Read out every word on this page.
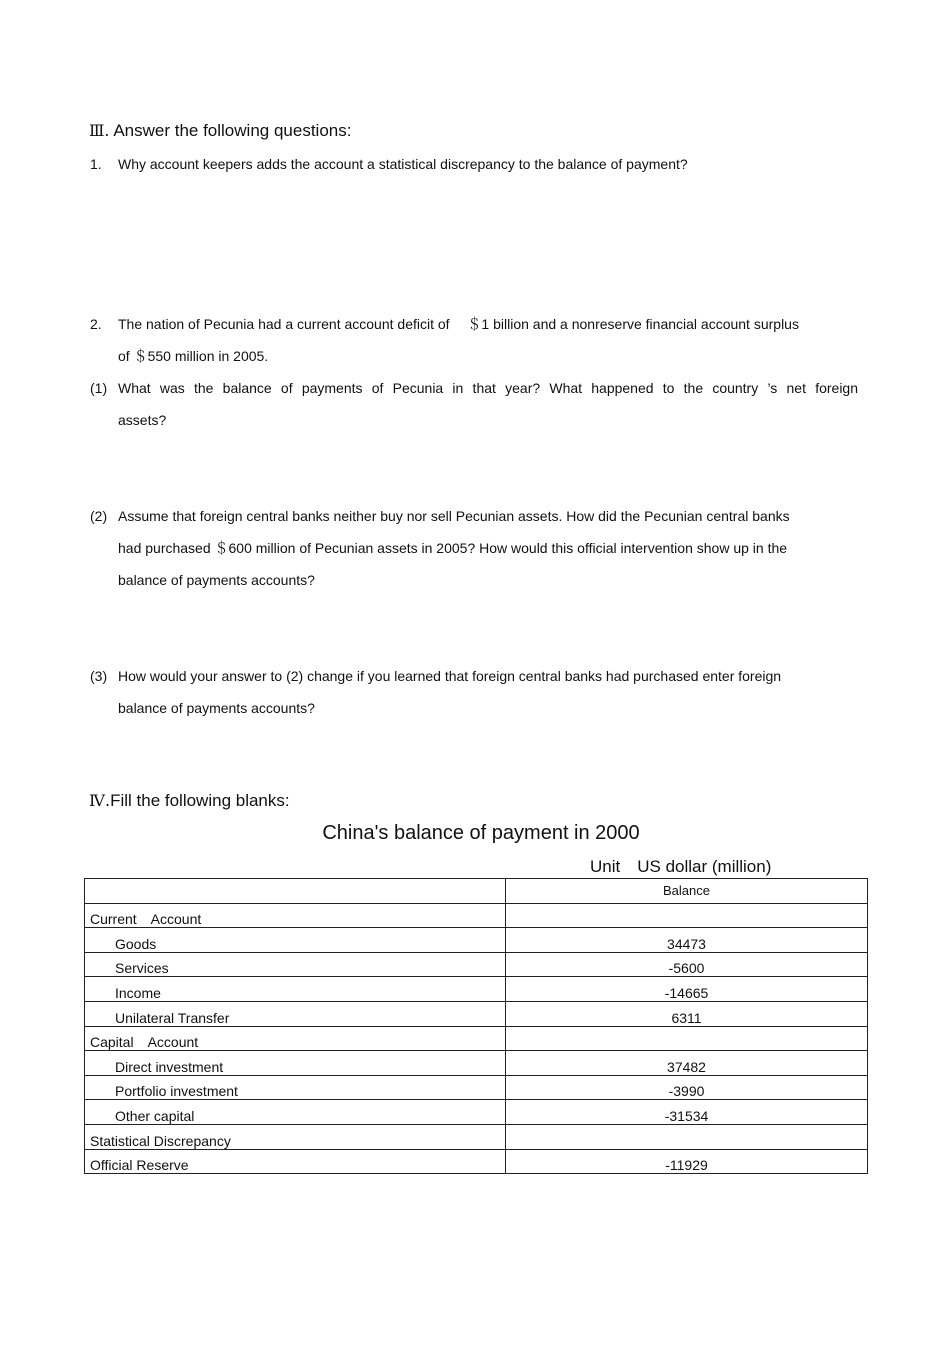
Ⅲ. Answer the following questions:
1. Why account keepers adds the account a statistical discrepancy to the balance of payment?
2. The nation of Pecunia had a current account deficit of　 ＄1 billion and a nonreserve financial account surplus
of ＄550 million in 2005.
(1) What was the balance of payments of Pecunia in that year? What happened to the country ’s net foreign
assets?
(2) Assume that foreign central banks neither buy nor sell Pecunian assets. How did the Pecunian central banks
had purchased ＄600 million of Pecunian assets in 2005? How would this official intervention show up in the
balance of payments accounts?
(3) How would your answer to (2) change if you learned that foreign central banks had purchased enter foreign
balance of payments accounts?
Ⅳ.Fill the following blanks:
China's balance of payment in 2000
Unit　US dollar (million)
	Balance
Current　Account	
Goods	34473
Services	-5600
Income	-14665
Unilateral Transfer	6311
Capital　Account	
Direct investment	37482
Portfolio investment	-3990
Other capital	-31534
Statistical Discrepancy	
Official Reserve	-11929
